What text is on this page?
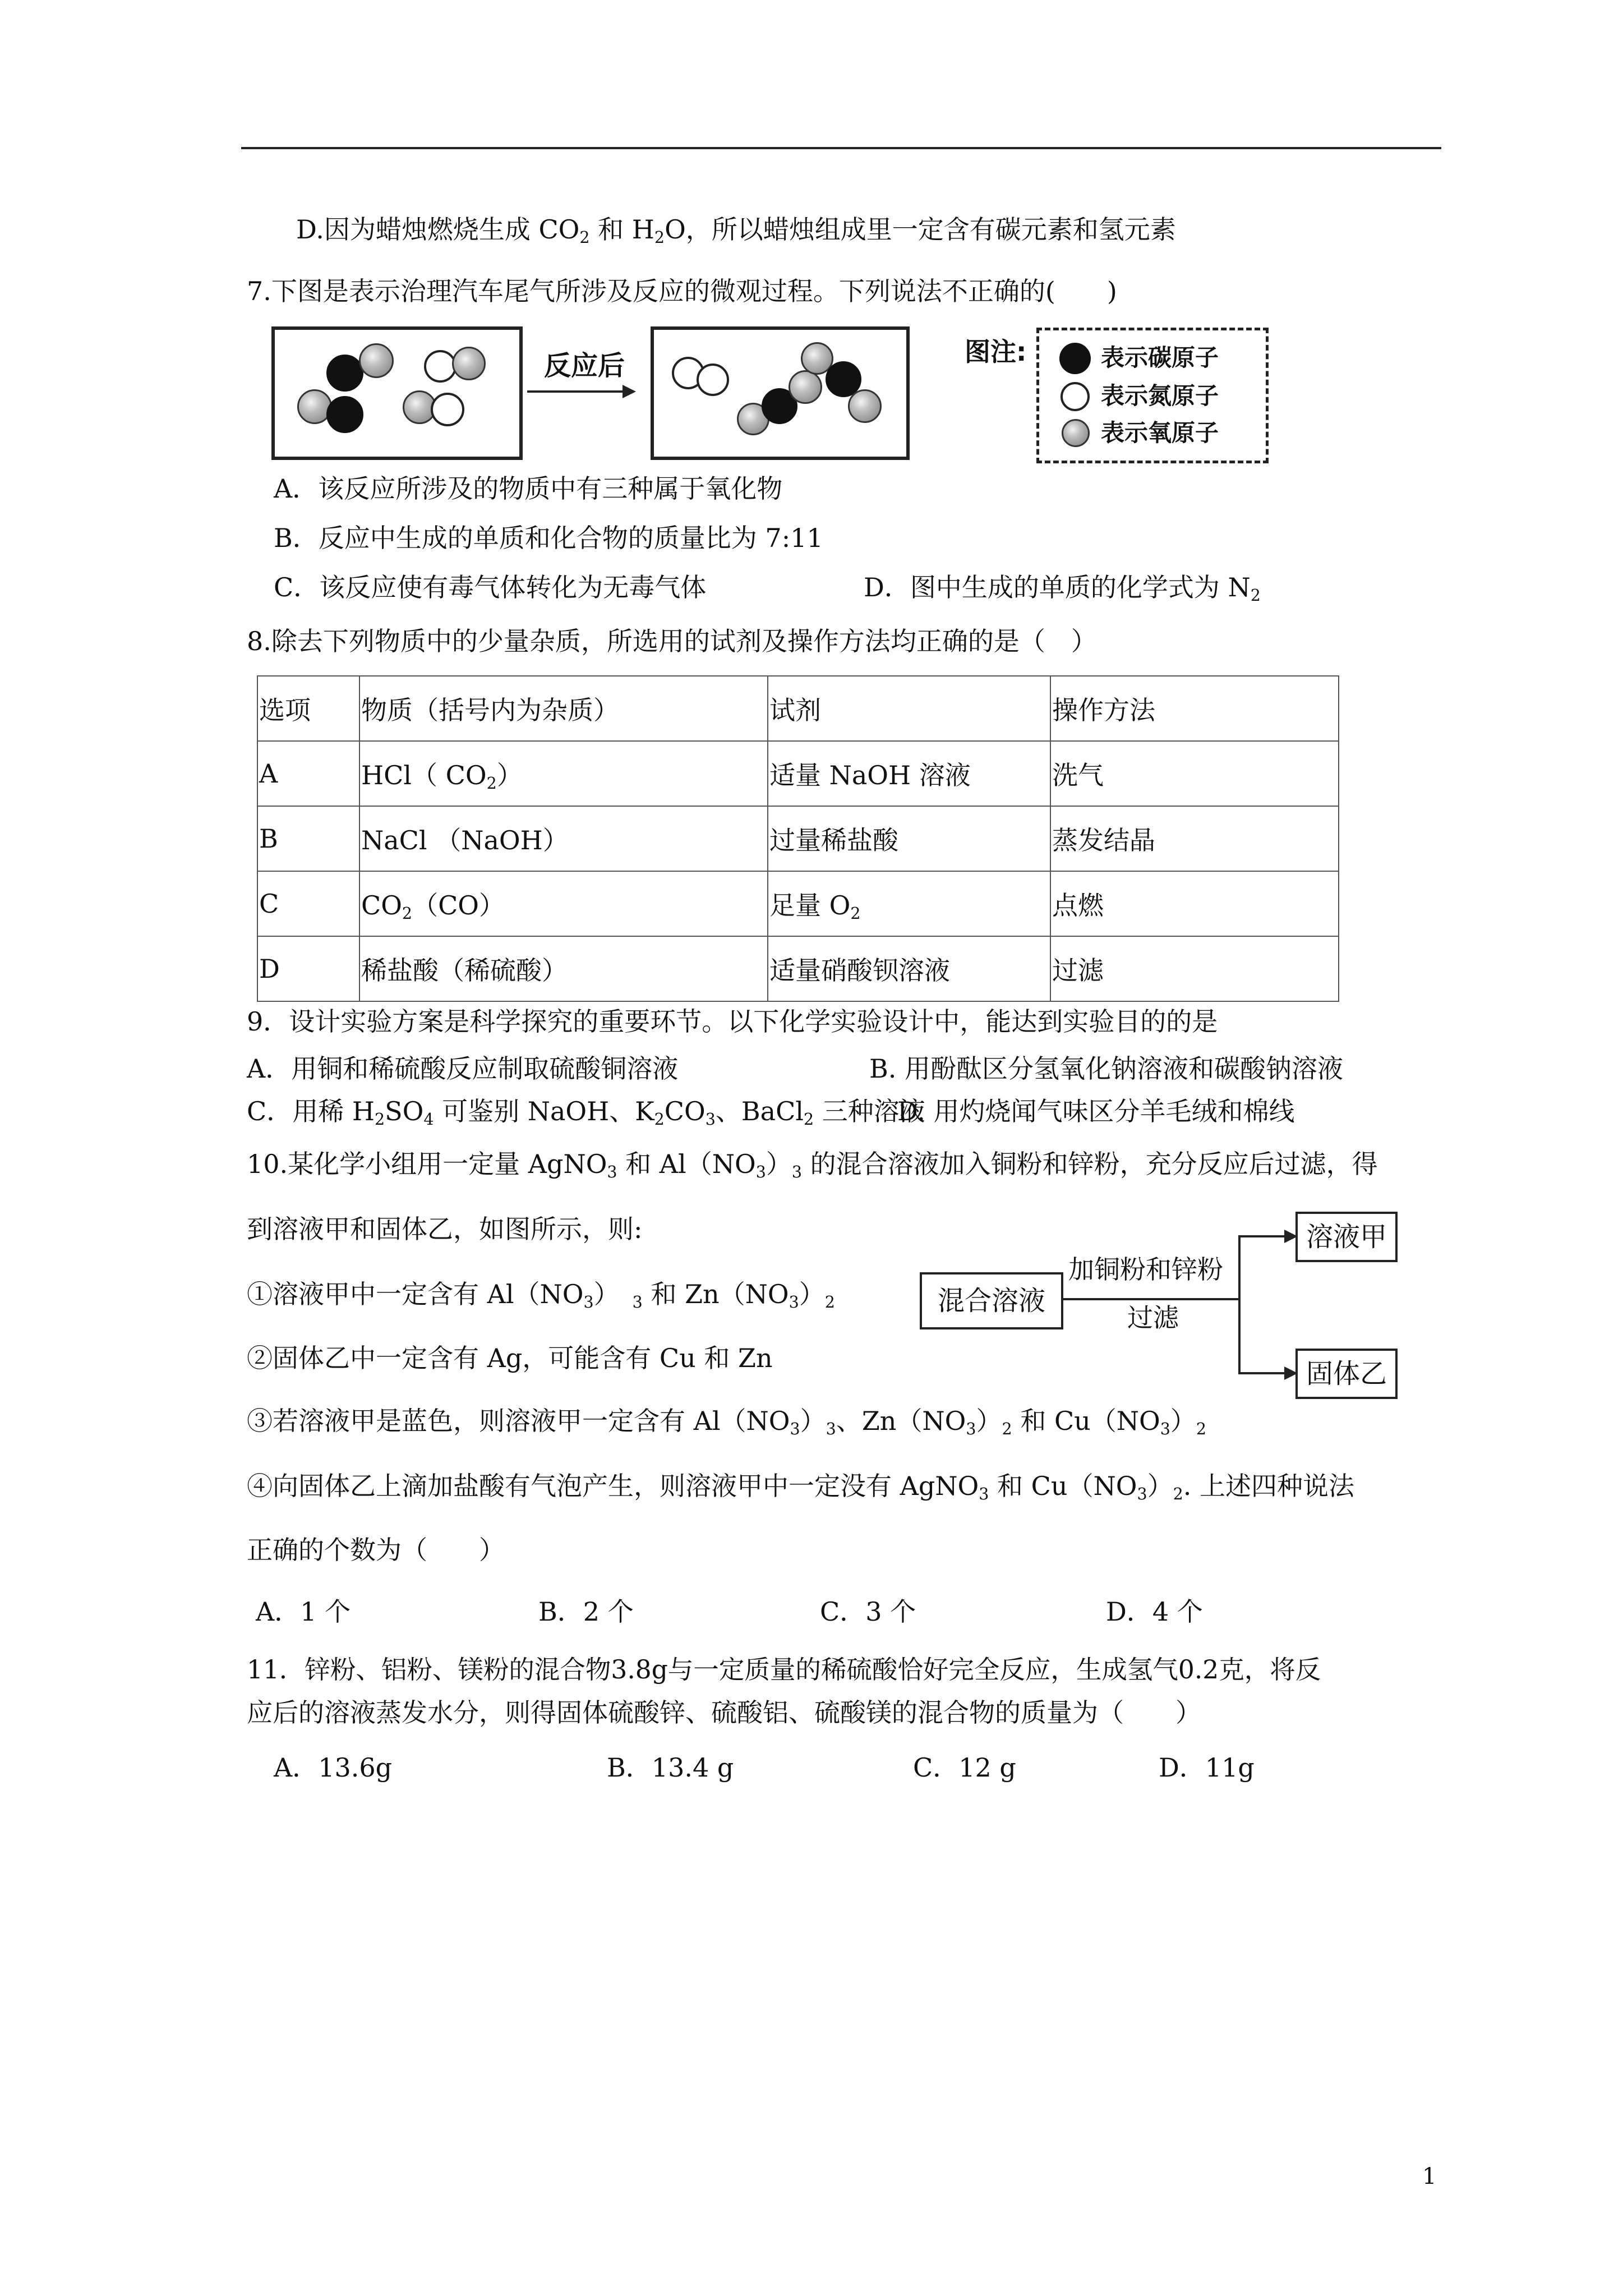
D.因为蜡烛燃烧生成 $CO_2$ 和 $H_2O$，所以蜡烛组成里一定含有碳元素和氢元素
7.下图是表示治理汽车尾气所涉及反应的微观过程。下列说法不正确的(　　)
反应后	图注:	表示碳原子
表示氮原子
表示氧原子
A．该反应所涉及的物质中有三种属于氧化物
B．反应中生成的单质和化合物的质量比为 7:11
C．该反应使有毒气体转化为无毒气体	D．图中生成的单质的化学式为 $N_2$
8.除去下列物质中的少量杂质，所选用的试剂及操作方法均正确的是（　）
选项	物质（括号内为杂质）	试剂	操作方法
A	HCl（ $CO_2$）	适量 NaOH 溶液	洗气
B	NaCl （NaOH）	过量稀盐酸	蒸发结晶
C	$CO_2(CO)$	足量 $O_2$	点燃
D	稀盐酸（稀硫酸）	适量硝酸钡溶液	过滤
9．设计实验方案是科学探究的重要环节。以下化学实验设计中，能达到实验目的的是
A．用铜和稀硫酸反应制取硫酸铜溶液	B. 用酚酞区分氢氧化钠溶液和碳酸钠溶液
C．用稀 $H_2SO_4$ 可鉴别 NaOH、$K_2CO_3$、BaCl$_2$ 三种溶液
D. 用灼烧闻气味区分羊毛绒和棉线
10.某化学小组用一定量 AgNO$_3$ 和 $Al(NO_3)_3$ 的混合溶液加入铜粉和锌粉，充分反应后过滤，得
到溶液甲和固体乙，如图所示，则:
①溶液甲中一定含有 $Al(NO_3)$　$_3$ 和 $Zn(NO_3)_2$
②固体乙中一定含有 Ag，可能含有 Cu 和 Zn
③若溶液甲是蓝色，则溶液甲一定含有 $Al(NO_3)_3$、$Zn(NO_3)_2$ 和 $Cu(NO_3)_2$
④向固体乙上滴加盐酸有气泡产生，则溶液甲中一定没有 AgNO$_3$ 和 $Cu(NO_3)_2$. 上述四种说法
正确的个数为（　　）
混合溶液
加铜粉和锌粉
过滤
溶液甲
固体乙
A．1 个	B．2 个	C．3 个	D．4 个
11．锌粉、铝粉、镁粉的混合物3.8g与一定质量的稀硫酸恰好完全反应，生成氢气0.2克，将反
应后的溶液蒸发水分，则得固体硫酸锌、硫酸铝、硫酸镁的混合物的质量为（　　）
A．13.6g	B．13.4 g	C．12 g	D．11g
1
